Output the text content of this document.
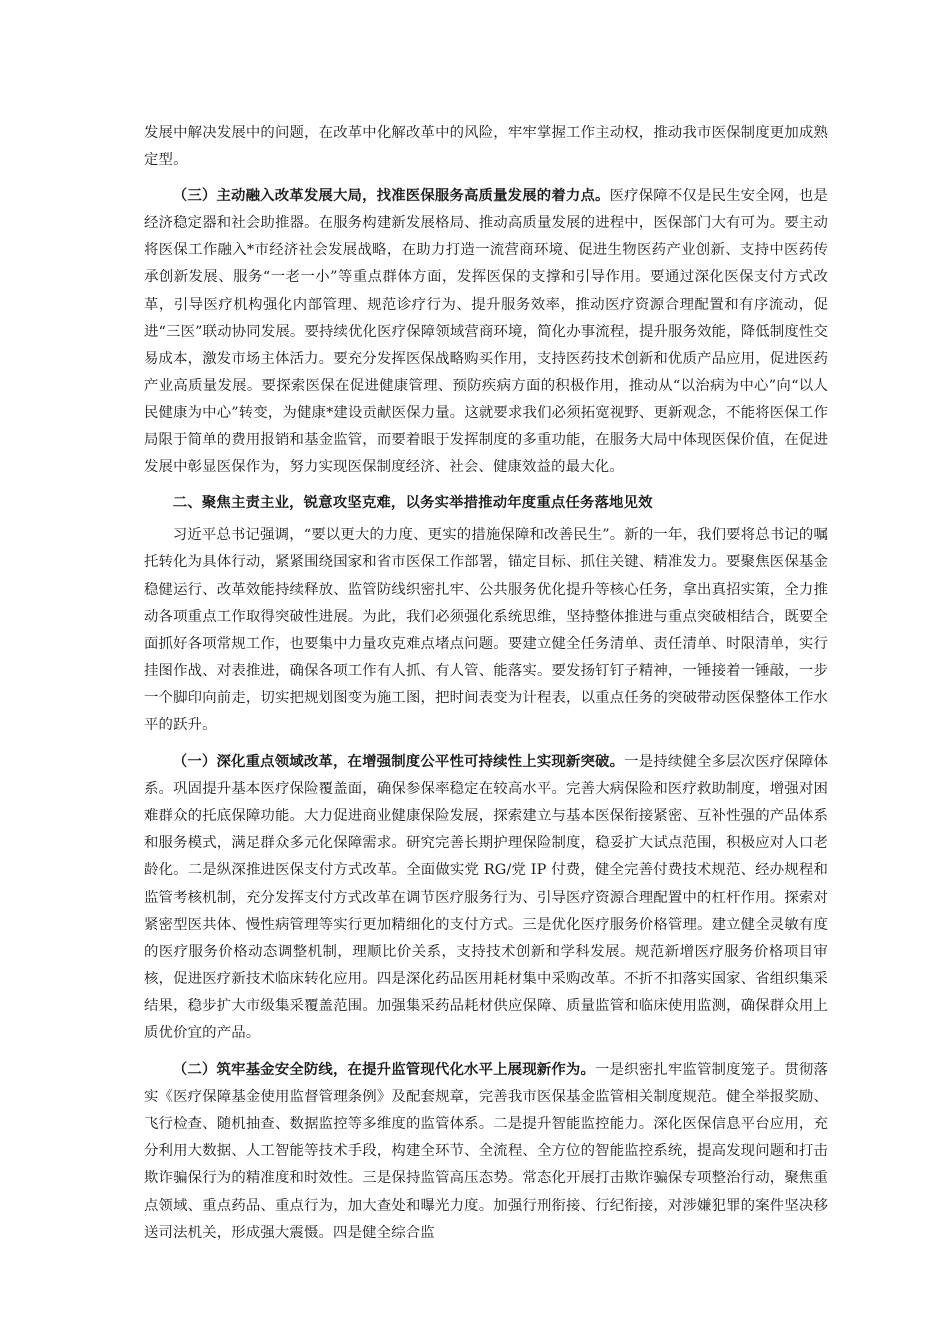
发展中解决发展中的问题，在改革中化解改革中的风险，牢牢掌握工作主动权，推动我市医保制度更加成熟定型。

（三）主动融入改革发展大局，找准医保服务高质量发展的着力点。医疗保障不仅是民生安全网，也是经济稳定器和社会助推器。在服务构建新发展格局、推动高质量发展的进程中，医保部门大有可为。要主动将医保工作融入*市经济社会发展战略，在助力打造一流营商环境、促进生物医药产业创新、支持中医药传承创新发展、服务“一老一小”等重点群体方面，发挥医保的支撑和引导作用。要通过深化医保支付方式改革，引导医疗机构强化内部管理、规范诊疗行为、提升服务效率，推动医疗资源合理配置和有序流动，促进“三医”联动协同发展。要持续优化医疗保障领域营商环境，简化办事流程，提升服务效能，降低制度性交易成本，激发市场主体活力。要充分发挥医保战略购买作用，支持医药技术创新和优质产品应用，促进医药产业高质量发展。要探索医保在促进健康管理、预防疾病方面的积极作用，推动从“以治病为中心”向“以人民健康为中心”转变，为健康*建设贡献医保力量。这就要求我们必须拓宽视野、更新观念，不能将医保工作局限于简单的费用报销和基金监管，而要着眼于发挥制度的多重功能，在服务大局中体现医保价值，在促进发展中彰显医保作为，努力实现医保制度经济、社会、健康效益的最大化。

二、聚焦主责主业，锐意攻坚克难，以务实举措推动年度重点任务落地见效

习近平总书记强调，“要以更大的力度、更实的措施保障和改善民生”。新的一年，我们要将总书记的嘱托转化为具体行动，紧紧围绕国家和省市医保工作部署，锚定目标、抓住关键、精准发力。要聚焦医保基金稳健运行、改革效能持续释放、监管防线织密扎牢、公共服务优化提升等核心任务，拿出真招实策，全力推动各项重点工作取得突破性进展。为此，我们必须强化系统思维，坚持整体推进与重点突破相结合，既要全面抓好各项常规工作，也要集中力量攻克难点堵点问题。要建立健全任务清单、责任清单、时限清单，实行挂图作战、对表推进，确保各项工作有人抓、有人管、能落实。要发扬钉钉子精神，一锤接着一锤敲，一步一个脚印向前走，切实把规划图变为施工图，把时间表变为计程表，以重点任务的突破带动医保整体工作水平的跃升。

（一）深化重点领域改革，在增强制度公平性可持续性上实现新突破。一是持续健全多层次医疗保障体系。巩固提升基本医疗保险覆盖面，确保参保率稳定在较高水平。完善大病保险和医疗救助制度，增强对困难群众的托底保障功能。大力促进商业健康保险发展，探索建立与基本医保衔接紧密、互补性强的产品体系和服务模式，满足群众多元化保障需求。研究完善长期护理保险制度，稳妥扩大试点范围，积极应对人口老龄化。二是纵深推进医保支付方式改革。全面做实党 RG/党 IP 付费，健全完善付费技术规范、经办规程和监管考核机制，充分发挥支付方式改革在调节医疗服务行为、引导医疗资源合理配置中的杠杆作用。探索对紧密型医共体、慢性病管理等实行更加精细化的支付方式。三是优化医疗服务价格管理。建立健全灵敏有度的医疗服务价格动态调整机制，理顺比价关系，支持技术创新和学科发展。规范新增医疗服务价格项目审核，促进医疗新技术临床转化应用。四是深化药品医用耗材集中采购改革。不折不扣落实国家、省组织集采结果，稳步扩大市级集采覆盖范围。加强集采药品耗材供应保障、质量监管和临床使用监测，确保群众用上质优价宜的产品。

（二）筑牢基金安全防线，在提升监管现代化水平上展现新作为。一是织密扎牢监管制度笼子。贯彻落实《医疗保障基金使用监督管理条例》及配套规章，完善我市医保基金监管相关制度规范。健全举报奖励、飞行检查、随机抽查、数据监控等多维度的监管体系。二是提升智能监控能力。深化医保信息平台应用，充分利用大数据、人工智能等技术手段，构建全环节、全流程、全方位的智能监控系统，提高发现问题和打击欺诈骗保行为的精准度和时效性。三是保持监管高压态势。常态化开展打击欺诈骗保专项整治行动，聚焦重点领域、重点药品、重点行为，加大查处和曝光力度。加强行刑衔接、行纪衔接，对涉嫌犯罪的案件坚决移送司法机关，形成强大震慑。四是健全综合监
